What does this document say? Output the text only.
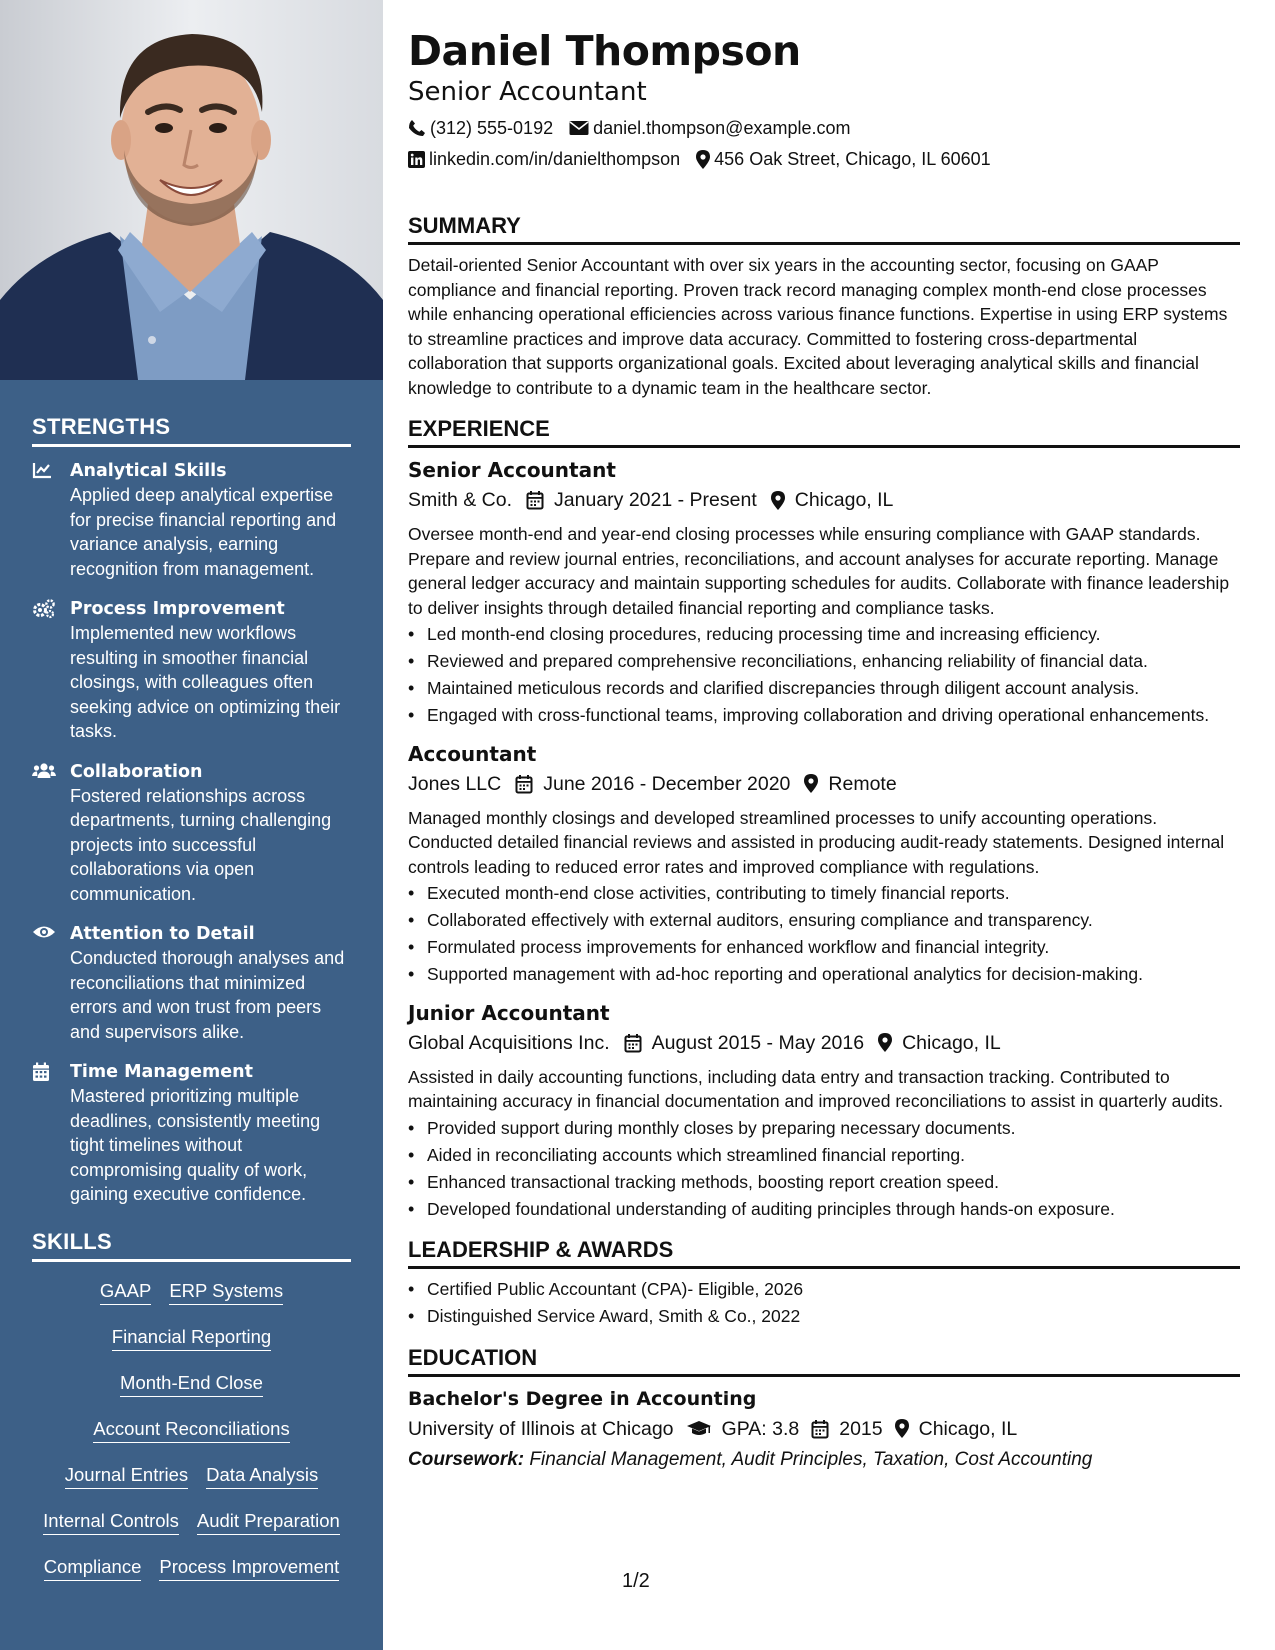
STRENGTHS
Analytical Skills
Applied deep analytical expertise for precise financial reporting and variance analysis, earning recognition from management.
Process Improvement
Implemented new workflows resulting in smoother financial closings, with colleagues often seeking advice on optimizing their tasks.
Collaboration
Fostered relationships across departments, turning challenging projects into successful collaborations via open communication.
Attention to Detail
Conducted thorough analyses and reconciliations that minimized errors and won trust from peers and supervisors alike.
Time Management
Mastered prioritizing multiple deadlines, consistently meeting tight timelines without compromising quality of work, gaining executive confidence.
SKILLS
GAAP ERP Systems
Financial Reporting
Month-End Close
Account Reconciliations
Journal Entries Data Analysis
Internal Controls Audit Preparation
Compliance Process Improvement
Daniel Thompson
Senior Accountant
(312) 555-0192 daniel.thompson@example.com
linkedin.com/in/danielthompson 456 Oak Street, Chicago, IL 60601
SUMMARY

Detail-oriented Senior Accountant with over six years in the accounting sector, focusing on GAAP compliance and financial reporting. Proven track record managing complex month-end close processes while enhancing operational efficiencies across various finance functions. Expertise in using ERP systems to streamline practices and improve data accuracy. Committed to fostering cross-departmental collaboration that supports organizational goals. Excited about leveraging analytical skills and financial knowledge to contribute to a dynamic team in the healthcare sector.

EXPERIENCE
Senior Accountant
Smith & Co. January 2021 - Present Chicago, IL

Oversee month-end and year-end closing processes while ensuring compliance with GAAP standards. Prepare and review journal entries, reconciliations, and account analyses for accurate reporting. Manage general ledger accuracy and maintain supporting schedules for audits. Collaborate with finance leadership to deliver insights through detailed financial reporting and compliance tasks.

• Led month-end closing procedures, reducing processing time and increasing efficiency.
• Reviewed and prepared comprehensive reconciliations, enhancing reliability of financial data.
• Maintained meticulous records and clarified discrepancies through diligent account analysis.
• Engaged with cross-functional teams, improving collaboration and driving operational enhancements.
Accountant
Jones LLC June 2016 - December 2020 Remote

Managed monthly closings and developed streamlined processes to unify accounting operations. Conducted detailed financial reviews and assisted in producing audit-ready statements. Designed internal controls leading to reduced error rates and improved compliance with regulations.

• Executed month-end close activities, contributing to timely financial reports.
• Collaborated effectively with external auditors, ensuring compliance and transparency.
• Formulated process improvements for enhanced workflow and financial integrity.
• Supported management with ad-hoc reporting and operational analytics for decision-making.
Junior Accountant
Global Acquisitions Inc. August 2015 - May 2016 Chicago, IL

Assisted in daily accounting functions, including data entry and transaction tracking. Contributed to maintaining accuracy in financial documentation and improved reconciliations to assist in quarterly audits.

• Provided support during monthly closes by preparing necessary documents.
• Aided in reconciliating accounts which streamlined financial reporting.
• Enhanced transactional tracking methods, boosting report creation speed.
• Developed foundational understanding of auditing principles through hands-on exposure.
LEADERSHIP & AWARDS
• Certified Public Accountant (CPA)- Eligible, 2026
• Distinguished Service Award, Smith & Co., 2022
EDUCATION
Bachelor's Degree in Accounting
University of Illinois at Chicago GPA: 3.8 2015 Chicago, IL
Coursework: Financial Management, Audit Principles, Taxation, Cost Accounting
1/2
